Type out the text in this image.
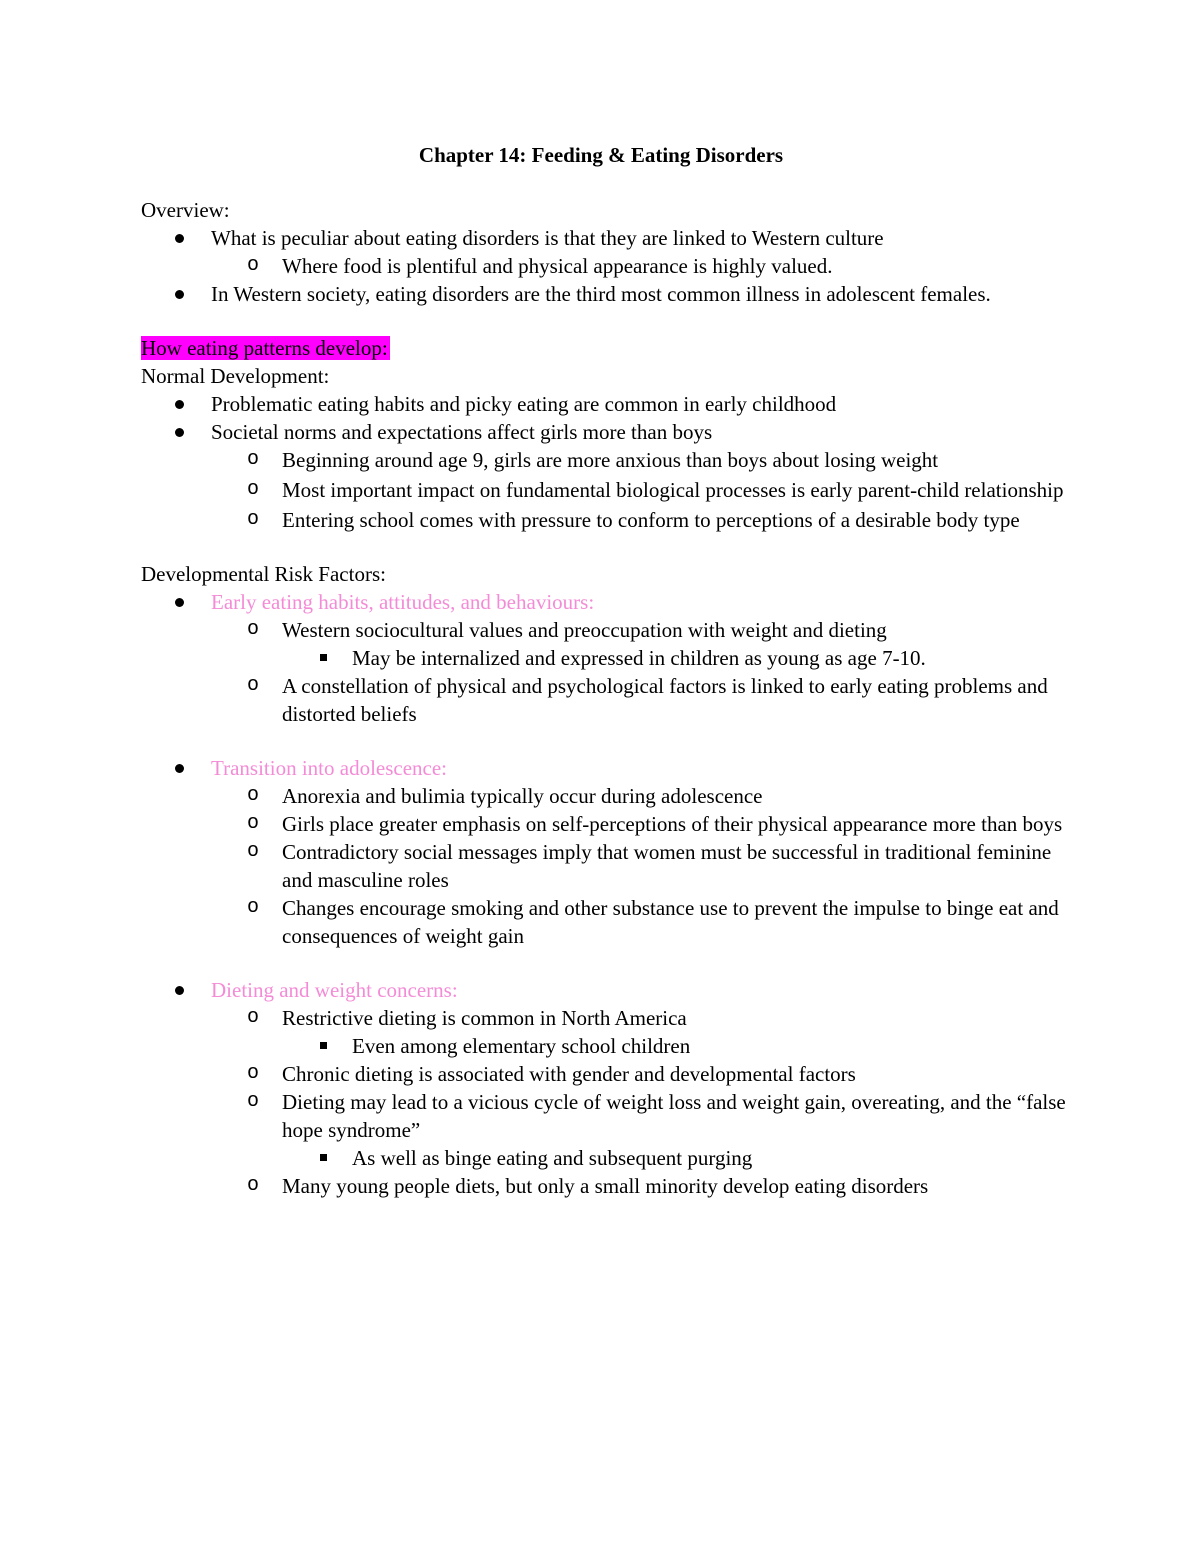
Chapter 14: Feeding & Eating Disorders
Overview:
What is peculiar about eating disorders is that they are linked to Western culture
o Where food is plentiful and physical appearance is highly valued.
In Western society, eating disorders are the third most common illness in adolescent females.
How eating patterns develop:
Normal Development:
Problematic eating habits and picky eating are common in early childhood
Societal norms and expectations affect girls more than boys
o Beginning around age 9, girls are more anxious than boys about losing weight
o Most important impact on fundamental biological processes is early parent-child relationship
o Entering school comes with pressure to conform to perceptions of a desirable body type
Developmental Risk Factors:
Early eating habits, attitudes, and behaviours:
o Western sociocultural values and preoccupation with weight and dieting
May be internalized and expressed in children as young as age 7-10.
o A constellation of physical and psychological factors is linked to early eating problems and distorted beliefs
Transition into adolescence:
o Anorexia and bulimia typically occur during adolescence
o Girls place greater emphasis on self-perceptions of their physical appearance more than boys
o Contradictory social messages imply that women must be successful in traditional feminine and masculine roles
o Changes encourage smoking and other substance use to prevent the impulse to binge eat and consequences of weight gain
Dieting and weight concerns:
o Restrictive dieting is common in North America
Even among elementary school children
o Chronic dieting is associated with gender and developmental factors
o Dieting may lead to a vicious cycle of weight loss and weight gain, overeating, and the “false hope syndrome”
As well as binge eating and subsequent purging
o Many young people diets, but only a small minority develop eating disorders
